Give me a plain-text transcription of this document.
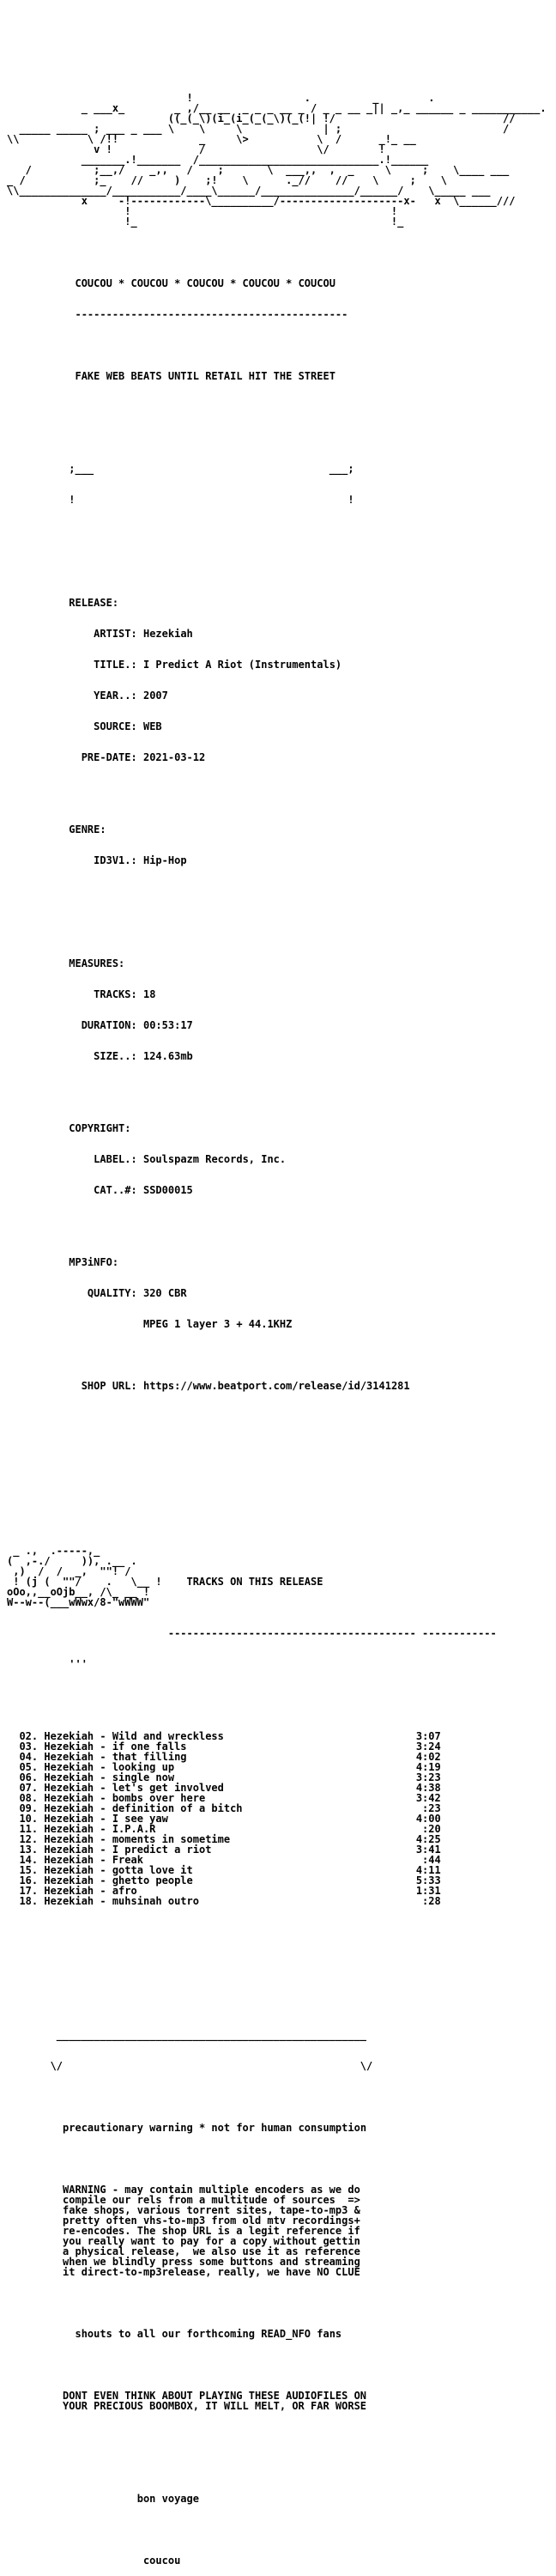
!                  .          _        .
_ ___x_        _ ,/__ __  _ _ _ __ _ / _ _ __ _|| _,_ ______ _ ___________.
((_(_\)(i_(i_(_(_\)(_(!| !/                           //
_____ _____ ; ___ _ ___ \    \     \             | ;                          /
\\           \ /!!             _     \>           \  /      _!_ __
v !              /                  \/        !
_______.!_______  /_____________________________.!______
/          ;__,/    _,,   /    ;       \  ___,,  ,  _     \     ;    \____ ___
_ /           ;_    //     )    ;!    \      ._//    //    \     ;    \
\\______________/___________/____\______/_______________/______/    \_____ ___
x     -!------------\__________/--------------------x-   x  \______///
!                                          !
!_                                         !_

COUCOU * COUCOU * COUCOU * COUCOU * COUCOU

--------------------------------------------

FAKE WEB BEATS UNTIL RETAIL HIT THE STREET

;___	___;

!	!

RELEASE:

ARTIST: Hezekiah

TITLE.: I Predict A Riot (Instrumentals)

YEAR..: 2007

SOURCE: WEB

PRE-DATE: 2021-03-12

GENRE:

ID3V1.: Hip-Hop

MEASURES:

TRACKS: 18

DURATION: 00:53:17

SIZE..: 124.63mb

COPYRIGHT:

LABEL.: Soulspazm Records, Inc.

CAT..#: SSD00015

MP3iNFO:

QUALITY: 320 CBR

MPEG 1 layer 3 + 44.1KHZ

SHOP URL: https://www.beatport.com/release/id/3141281

_ .,  .-----,_
(  ,-./     )), .__ .
,)  /  /  _,  ""! /
! (j (  ""/    .   \__ !    TRACKS ON THIS RELEASE
oOo,,__oOjb__, /\_ __ !
W--w--(___wWwx/8-"wWWW"

---------------------------------------- ------------

'''

02. Hezekiah - Wild and wreckless                               3:07
03. Hezekiah - if one falls                                     3:24
04. Hezekiah - that filling                                     4:02
05. Hezekiah - looking up                                       4:19
06. Hezekiah - single now                                       3:23
07. Hezekiah - let's get involved                               4:38
08. Hezekiah - bombs over here                                  3:42
09. Hezekiah - definition of a bitch                             :23
10. Hezekiah - I see yaw                                        4:00
11. Hezekiah - I.P.A.R                                           :20
12. Hezekiah - moments in sometime                              4:25
13. Hezekiah - I predict a riot                                 3:41
14. Hezekiah - Freak                                             :44
15. Hezekiah - gotta love it                                    4:11
16. Hezekiah - ghetto people                                    5:33
17. Hezekiah - afro                                             1:31
18. Hezekiah - muhsinah outro                                    :28

__________________________________________________

\/                                                \/

precautionary warning * not for human consumption

WARNING - may contain multiple encoders as we do
compile our rels from a multitude of sources  =>
fake shops, various torrent sites, tape-to-mp3 &
pretty often vhs-to-mp3 from old mtv recordings+
re-encodes. The shop URL is a legit reference if
you really want to pay for a copy without gettin
a physical release,  we also use it as reference
when we blindly press some buttons and streaming
it direct-to-mp3release, really, we have NO CLUE

shouts to all our forthcoming READ_NFO fans

DONT EVEN THINK ABOUT PLAYING THESE AUDIOFILES ON
YOUR PRECIOUS BOOMBOX, IT WILL MELT, OR FAR WORSE

bon voyage

coucou
